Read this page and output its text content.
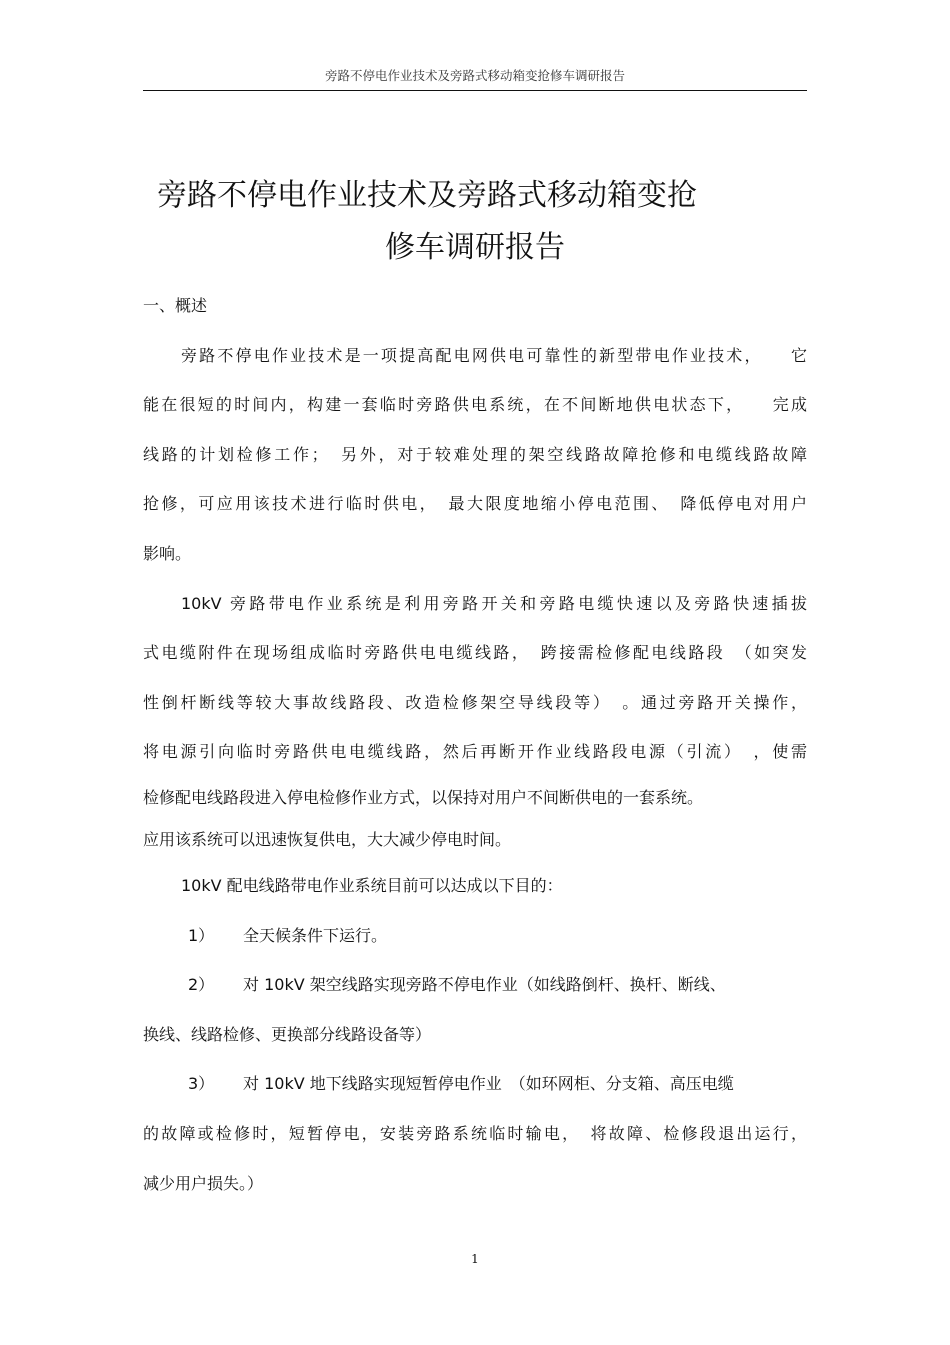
旁路不停电作业技术及旁路式移动箱变抢修车调研报告
旁路不停电作业技术及旁路式移动箱变抢
修车调研报告

一、概述

旁路不停电作业技术是一项提高配电网供电可靠性的新型带电作业技术，　　它

能在很短的时间内，构建一套临时旁路供电系统，在不间断地供电状态下，　　完成

线路的计划检修工作；　另外，对于较难处理的架空线路故障抢修和电缆线路故障

抢修，可应用该技术进行临时供电，　最大限度地缩小停电范围、　降低停电对用户

影响。

10kV 旁路带电作业系统是利用旁路开关和旁路电缆快速以及旁路快速插拔

式电缆附件在现场组成临时旁路供电电缆线路，　跨接需检修配电线路段　（如突发

性倒杆断线等较大事故线路段、改造检修架空导线段等）　。通过旁路开关操作，

将电源引向临时旁路供电电缆线路，然后再断开作业线路段电源（引流）　，使需

检修配电线路段进入停电检修作业方式，以保持对用户不间断供电的一套系统。

应用该系统可以迅速恢复供电，大大减少停电时间。

10kV 配电线路带电作业系统目前可以达成以下目的：

1） 全天候条件下运行。

2） 对 10kV 架空线路实现旁路不停电作业（如线路倒杆、换杆、断线、

换线、线路检修、更换部分线路设备等）

3） 对 10kV 地下线路实现短暂停电作业　（如环网柜、分支箱、高压电缆

的故障或检修时，短暂停电，安装旁路系统临时输电，　将故障、检修段退出运行，

减少用户损失。）

1
